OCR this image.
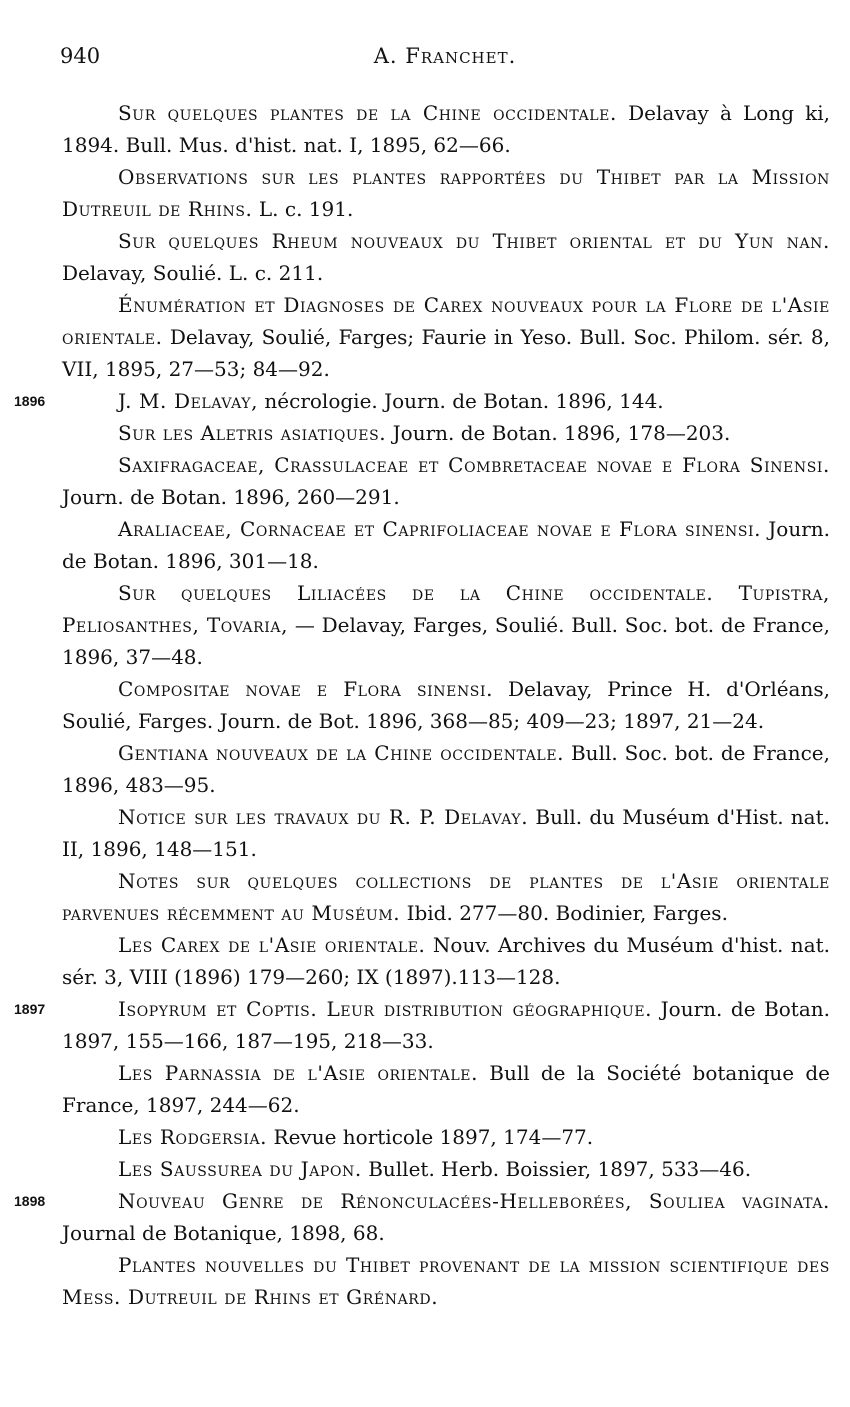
940	A. Franchet.
Sur quelques plantes de la Chine occidentale. Delavay à Long ki, 1894. Bull. Mus. d'hist. nat. I, 1895, 62—66.
Observations sur les plantes rapportées du Thibet par la Mission Dutreuil de Rhins. L. c. 191.
Sur quelques Rheum nouveaux du Thibet oriental et du Yun nan. Delavay, Soulié. L. c. 211.
Énumération et Diagnoses de Carex nouveaux pour la Flore de l'Asie orientale. Delavay, Soulié, Farges; Faurie in Yeso. Bull. Soc. Philom. sér. 8, VII, 1895, 27—53; 84—92.
1896	J. M. Delavay, nécrologie. Journ. de Botan. 1896, 144.
Sur les Aletris asiatiques. Journ. de Botan. 1896, 178—203.
Saxifragaceae, Crassulaceae et Combretaceae novae e Flora Sinensi. Journ. de Botan. 1896, 260—291.
Araliaceae, Cornaceae et Caprifoliaceae novae e Flora sinensi. Journ. de Botan. 1896, 301—18.
Sur quelques Liliacées de la Chine occidentale. Tupistra, Peliosanthes, Tovaria, — Delavay, Farges, Soulié. Bull. Soc. bot. de France, 1896, 37—48.
Compositae novae e Flora sinensi. Delavay, Prince H. d'Orléans, Soulié, Farges. Journ. de Bot. 1896, 368—85; 409—23; 1897, 21—24.
Gentiana nouveaux de la Chine occidentale. Bull. Soc. bot. de France, 1896, 483—95.
Notice sur les travaux du R. P. Delavay. Bull. du Muséum d'Hist. nat. II, 1896, 148—151.
Notes sur quelques collections de plantes de l'Asie orientale parvenues récemment au Muséum. Ibid. 277—80. Bodinier, Farges.
Les Carex de l'Asie orientale. Nouv. Archives du Muséum d'hist. nat. sér. 3, VIII (1896) 179—260; IX (1897).113—128.
1897	Isopyrum et Coptis. Leur distribution géographique. Journ. de Botan. 1897, 155—166, 187—195, 218—33.
Les Parnassia de l'Asie orientale. Bull de la Société botanique de France, 1897, 244—62.
Les Rodgersia. Revue horticole 1897, 174—77.
Les Saussurea du Japon. Bullet. Herb. Boissier, 1897, 533—46.
1898	Nouveau Genre de Rénonculacées-Helleborées, Souliea vaginata. Journal de Botanique, 1898, 68.
Plantes nouvelles du Thibet provenant de la mission scientifique des Mess. Dutreuil de Rhins et Grénard.
